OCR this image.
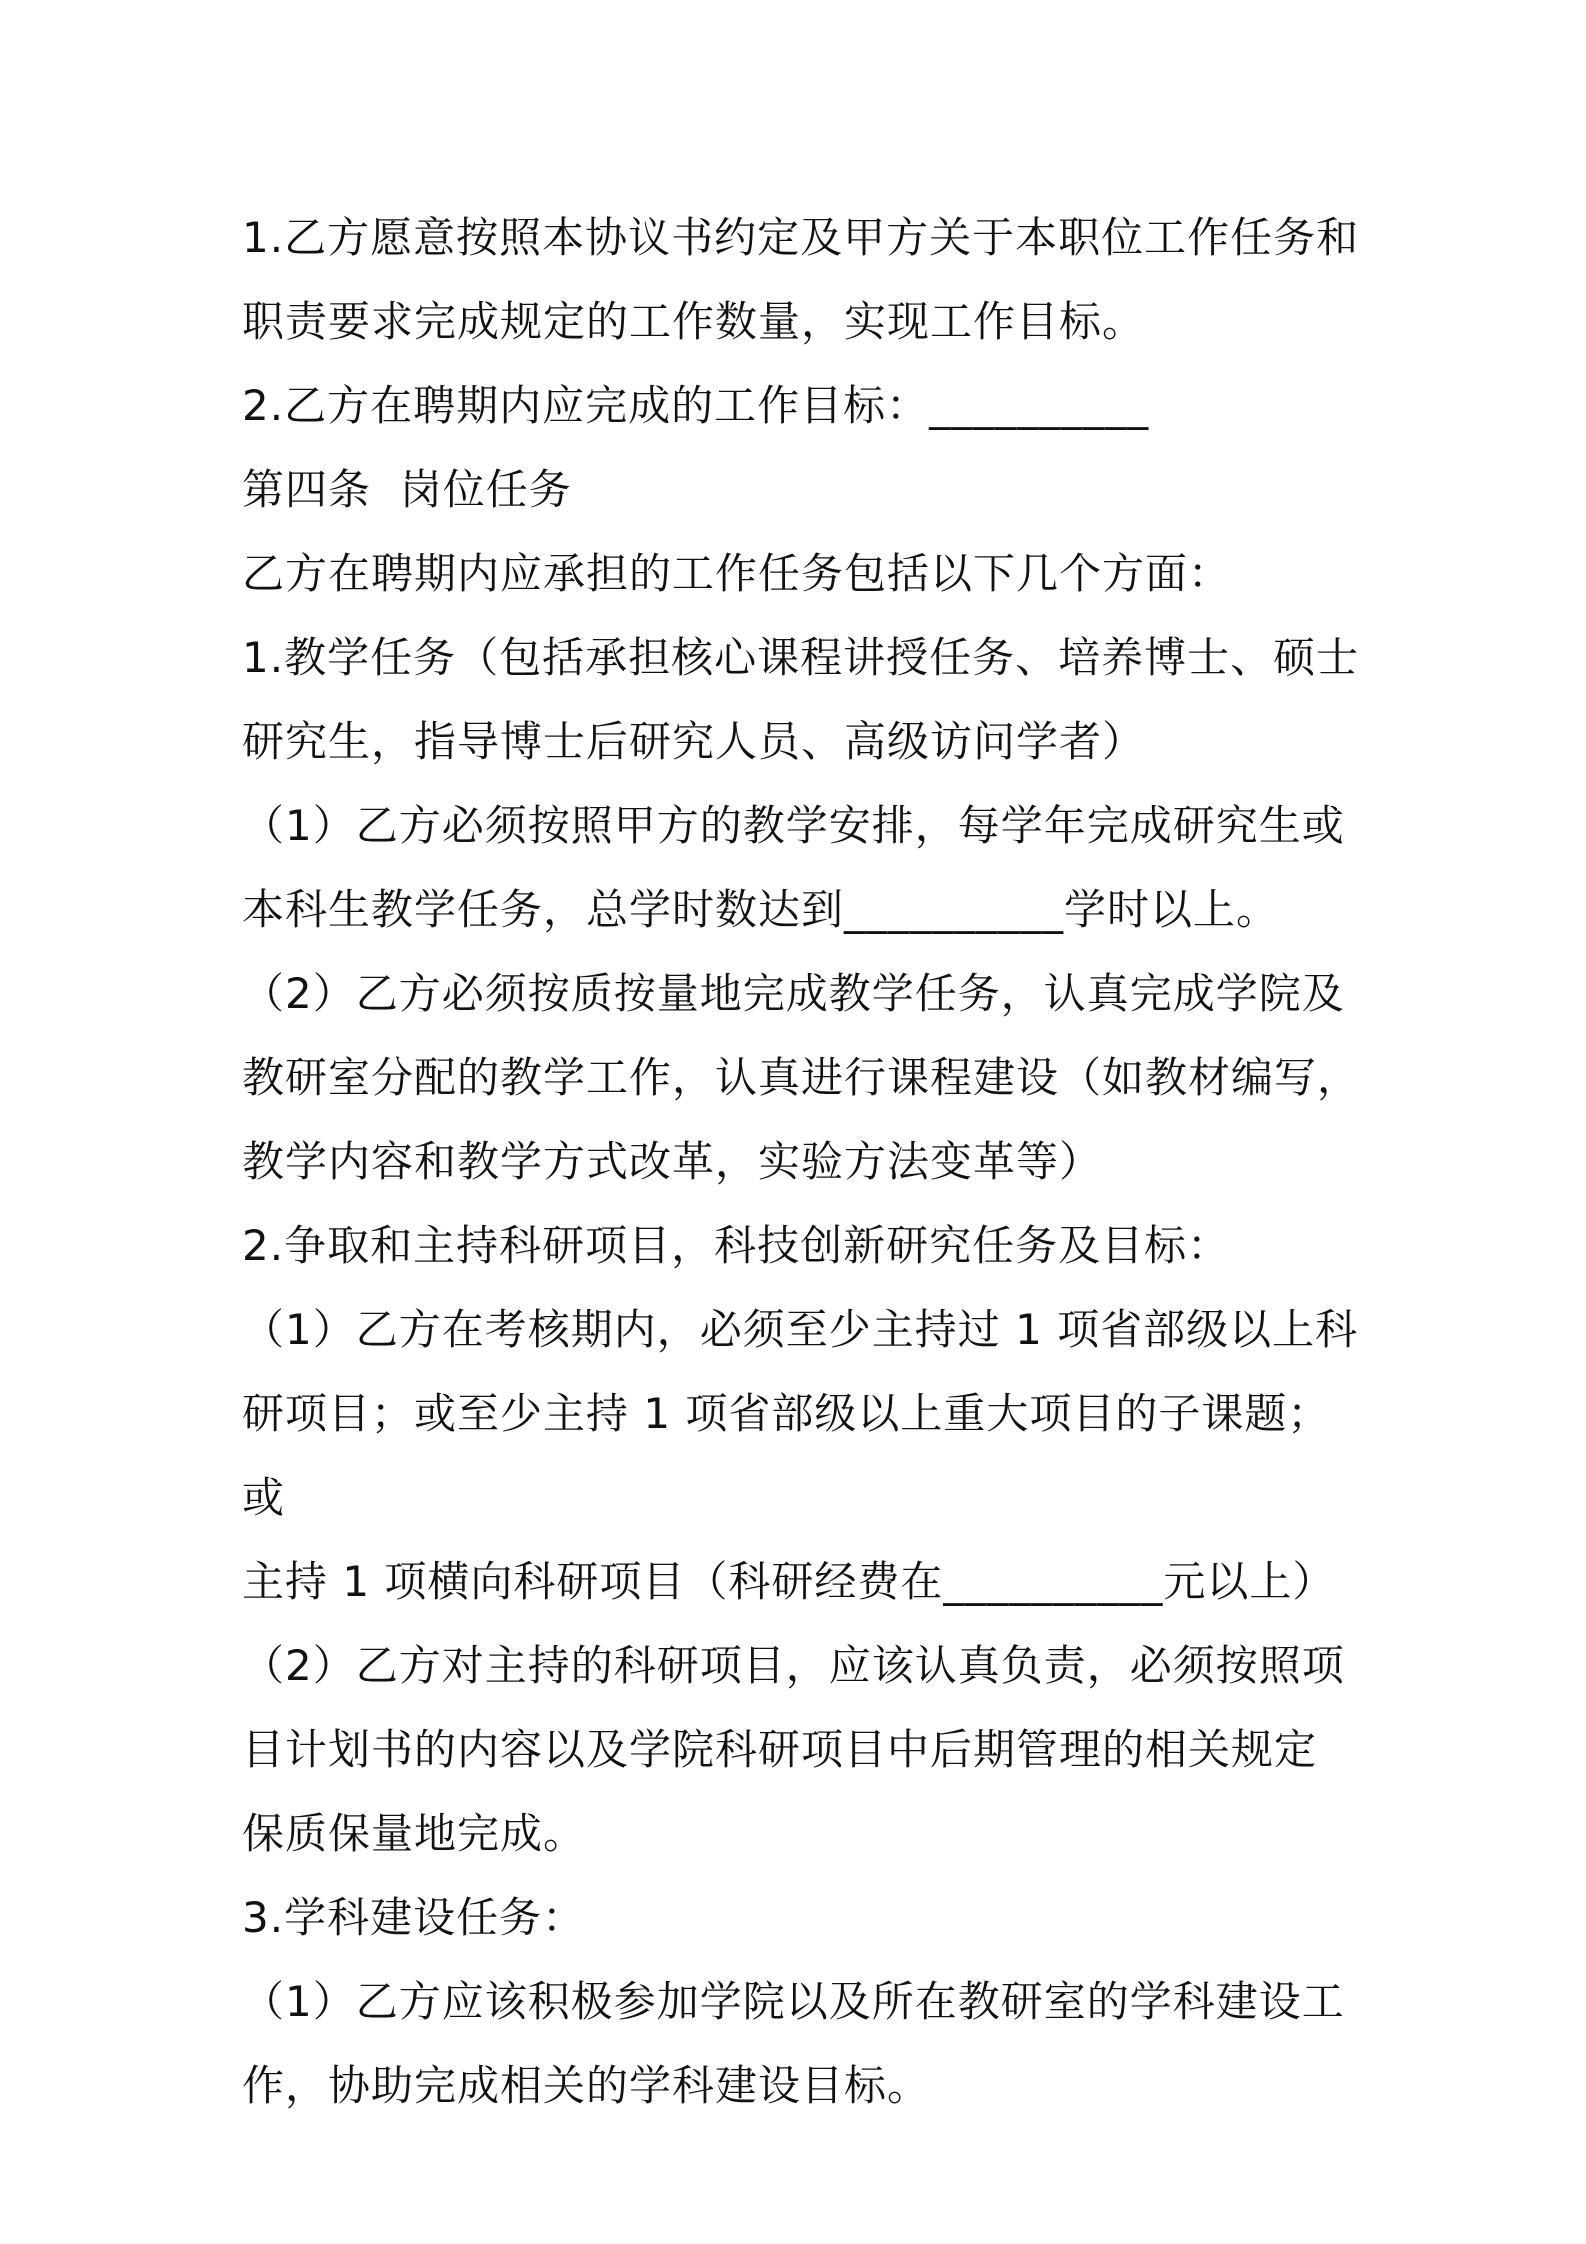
1.乙方愿意按照本协议书约定及甲方关于本职位工作任务和

职责要求完成规定的工作数量，实现工作目标。

2.乙方在聘期内应完成的工作目标：__________

第四条  岗位任务

乙方在聘期内应承担的工作任务包括以下几个方面：

1.教学任务（包括承担核心课程讲授任务、培养博士、硕士

研究生，指导博士后研究人员、高级访问学者）

（1）乙方必须按照甲方的教学安排，每学年完成研究生或

本科生教学任务，总学时数达到__________学时以上。

（2）乙方必须按质按量地完成教学任务，认真完成学院及

教研室分配的教学工作，认真进行课程建设（如教材编写，

教学内容和教学方式改革，实验方法变革等）

2.争取和主持科研项目，科技创新研究任务及目标：

（1）乙方在考核期内，必须至少主持过 1 项省部级以上科

研项目；或至少主持 1 项省部级以上重大项目的子课题；或

主持 1 项横向科研项目（科研经费在__________元以上）

（2）乙方对主持的科研项目，应该认真负责，必须按照项

目计划书的内容以及学院科研项目中后期管理的相关规定

保质保量地完成。

3.学科建设任务：

（1）乙方应该积极参加学院以及所在教研室的学科建设工

作，协助完成相关的学科建设目标。
